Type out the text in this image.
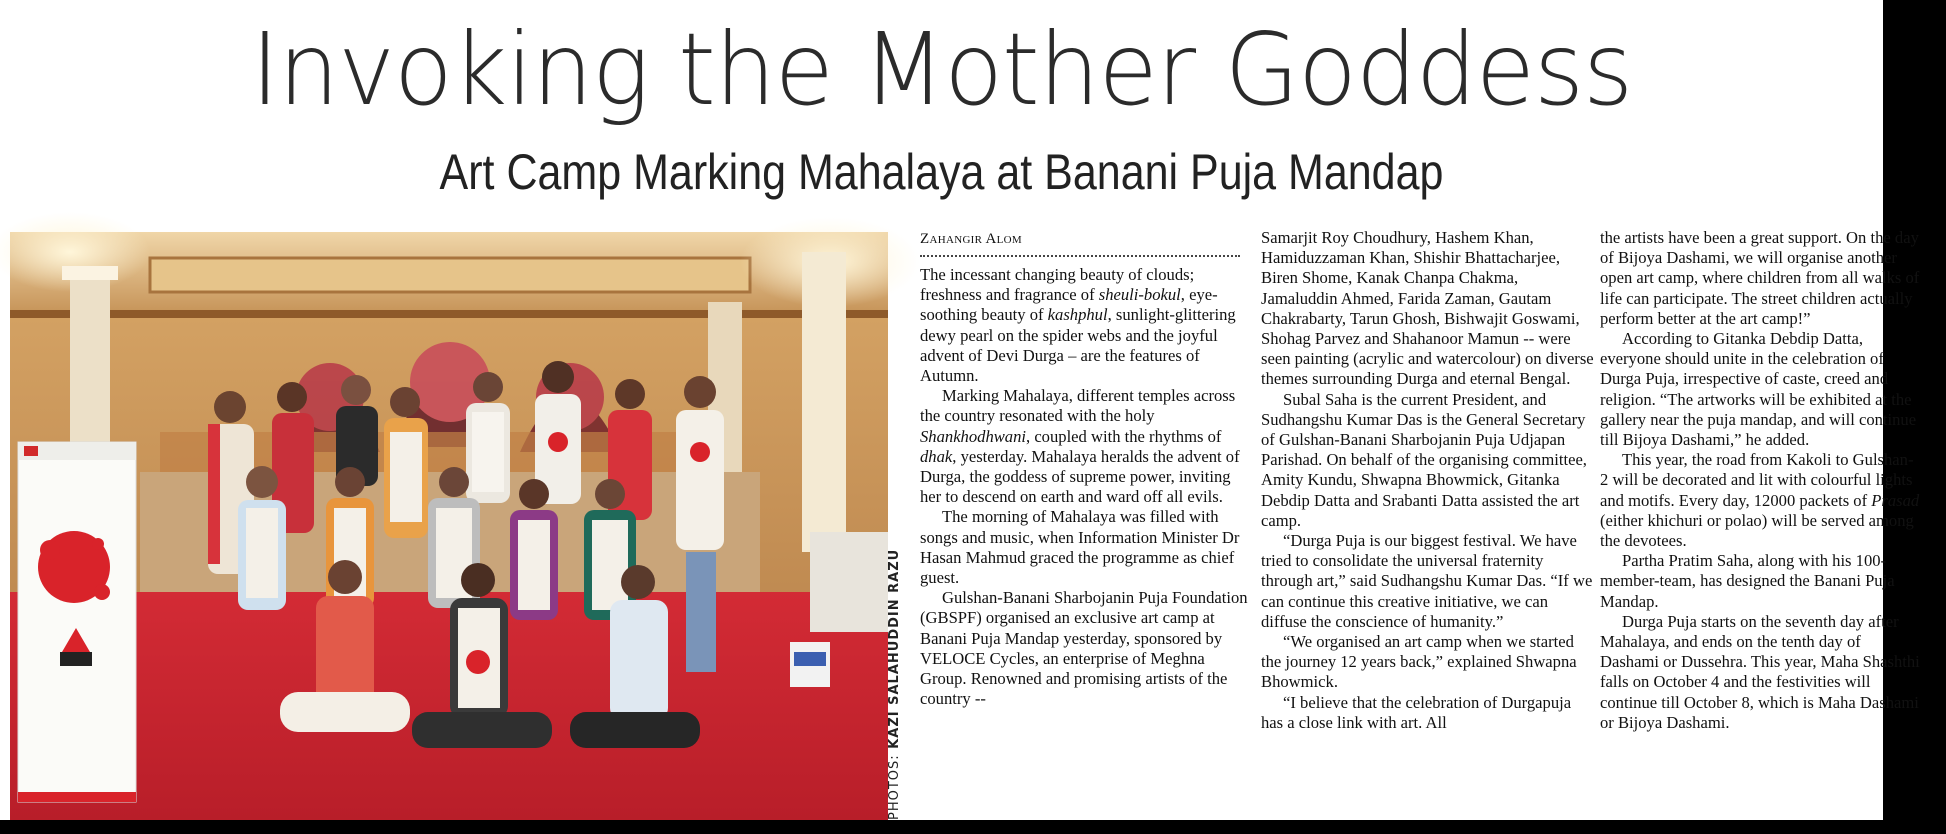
Invoking the Mother Goddess
Art Camp Marking Mahalaya at Banani Puja Mandap
PHOTOS: KAZI SALAHUDDIN RAZU
Zahangir Alom

The incessant changing beauty of clouds; freshness and fragrance of sheuli-bokul, eye-soothing beauty of kashphul, sunlight-glittering dewy pearl on the spider webs and the joyful advent of Devi Durga – are the features of Autumn.

Marking Mahalaya, different temples across the country resonated with the holy Shankhodhwani, coupled with the rhythms of dhak, yesterday. Mahalaya heralds the advent of Durga, the goddess of supreme power, inviting her to descend on earth and ward off all evils.

The morning of Mahalaya was filled with songs and music, when Information Minister Dr Hasan Mahmud graced the programme as chief guest.

Gulshan-Banani Sharbojanin Puja Foundation (GBSPF) organised an exclusive art camp at Banani Puja Mandap yesterday, sponsored by VELOCE Cycles, an enterprise of Meghna Group. Renowned and promising artists of the country --

Samarjit Roy Choudhury, Hashem Khan, Hamiduzzaman Khan, Shishir Bhattacharjee, Biren Shome, Kanak Chanpa Chakma, Jamaluddin Ahmed, Farida Zaman, Gautam Chakrabarty, Tarun Ghosh, Bishwajit Goswami, Shohag Parvez and Shahanoor Mamun -- were seen painting (acrylic and watercolour) on diverse themes surrounding Durga and eternal Bengal.

Subal Saha is the current President, and Sudhangshu Kumar Das is the General Secretary of Gulshan-Banani Sharbojanin Puja Udjapan Parishad. On behalf of the organising committee, Amity Kundu, Shwapna Bhowmick, Gitanka Debdip Datta and Srabanti Datta assisted the art camp.

“Durga Puja is our biggest festival. We have tried to consolidate the universal fraternity through art,” said Sudhangshu Kumar Das. “If we can continue this creative initiative, we can diffuse the conscience of humanity.”

“We organised an art camp when we started the journey 12 years back,” explained Shwapna Bhowmick.

“I believe that the celebration of Durgapuja has a close link with art. All

the artists have been a great support. On the day of Bijoya Dashami, we will organise another open art camp, where children from all walks of life can participate. The street children actually perform better at the art camp!”

According to Gitanka Debdip Datta, everyone should unite in the celebration of Durga Puja, irrespective of caste, creed and religion. “The artworks will be exhibited at the gallery near the puja mandap, and will continue till Bijoya Dashami,” he added.

This year, the road from Kakoli to Gulshan-2 will be decorated and lit with colourful lights and motifs. Every day, 12000 packets of Prasad (either khichuri or polao) will be served among the devotees.

Partha Pratim Saha, along with his 100-member-team, has designed the Banani Puja Mandap.

Durga Puja starts on the seventh day after Mahalaya, and ends on the tenth day of Dashami or Dussehra. This year, Maha Shashthi falls on October 4 and the festivities will continue till October 8, which is Maha Dashami or Bijoya Dashami.
